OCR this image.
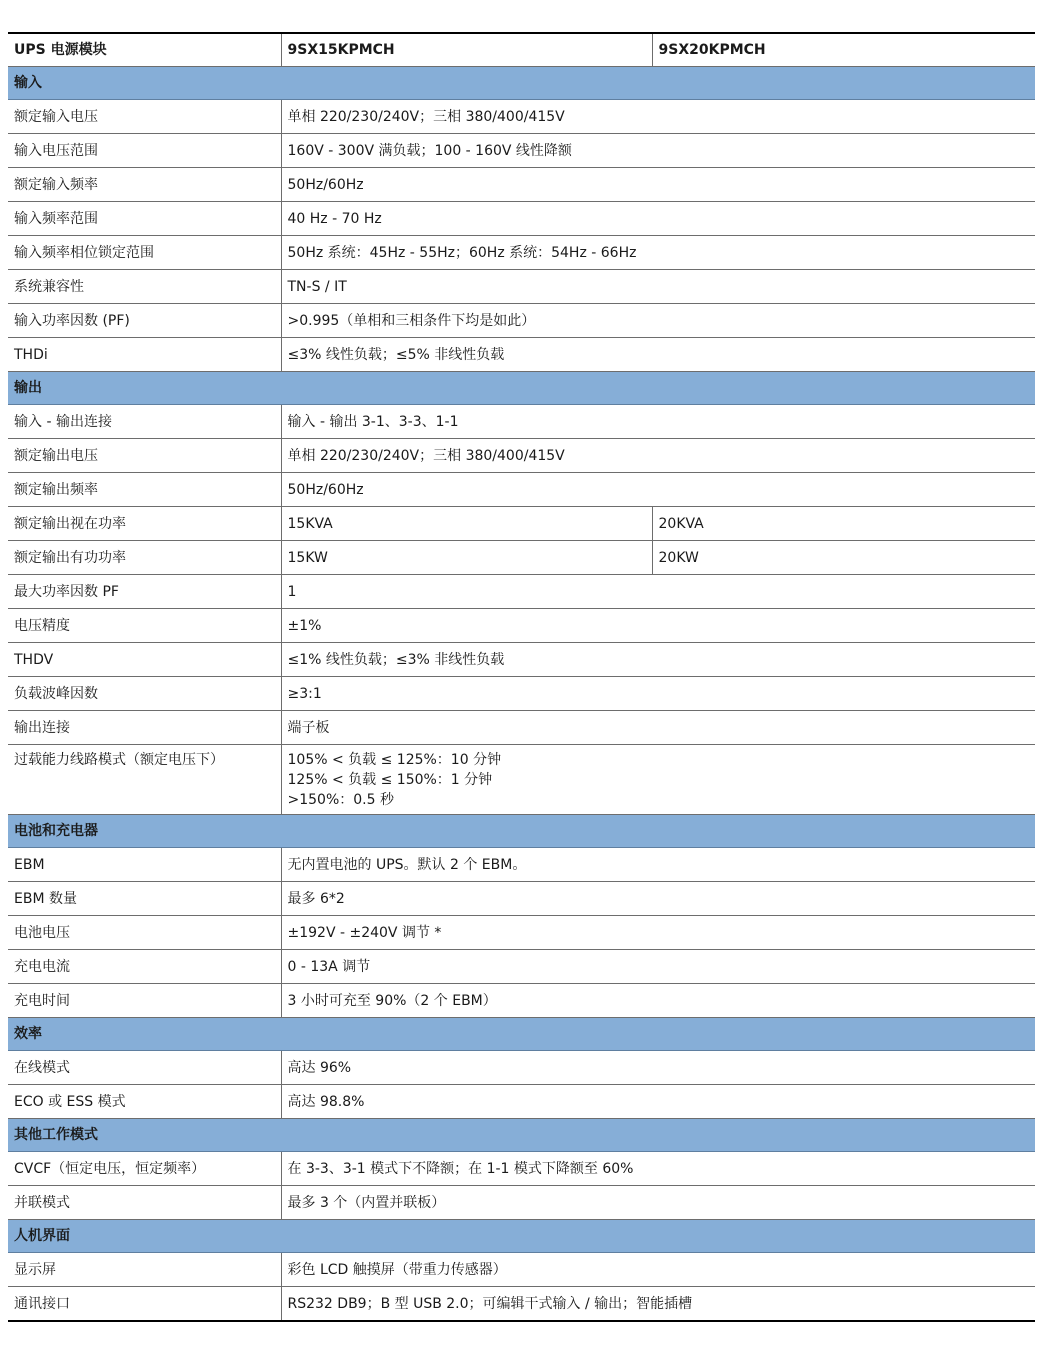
UPS 电源模块	9SX15KPMCH	9SX20KPMCH
输入		
额定输入电压	单相 220/230/240V；三相 380/400/415V	
输入电压范围	160V - 300V 满负载；100 - 160V 线性降额	
额定输入频率	50Hz/60Hz	
输入频率范围	40 Hz - 70 Hz	
输入频率相位锁定范围	50Hz 系统：45Hz - 55Hz；60Hz 系统：54Hz - 66Hz	
系统兼容性	TN-S / IT	
输入功率因数 (PF)	>0.995（单相和三相条件下均是如此）	
THDi	≤3% 线性负载；≤5% 非线性负载	
输出		
输入 - 输出连接	输入 - 输出 3-1、3-3、1-1	
额定输出电压	单相 220/230/240V；三相 380/400/415V	
额定输出频率	50Hz/60Hz	
额定输出视在功率	15KVA	20KVA
额定输出有功功率	15KW	20KW
最大功率因数 PF	1	
电压精度	±1%	
THDV	≤1% 线性负载；≤3% 非线性负载	
负载波峰因数	≥3:1	
输出连接	端子板	
过载能力线路模式（额定电压下）	105% < 负载 ≤ 125%：10 分钟
125% < 负载 ≤ 150%：1 分钟
>150%：0.5 秒	

电池和充电器		
EBM	无内置电池的 UPS。默认 2 个 EBM。	
EBM 数量	最多 6*2	
电池电压	±192V - ±240V 调节 *	
充电电流	0 - 13A 调节	
充电时间	3 小时可充至 90%（2 个 EBM）	
效率		
在线模式	高达 96%	
ECO 或 ESS 模式	高达 98.8%	
其他工作模式		
CVCF（恒定电压，恒定频率）	在 3-3、3-1 模式下不降额；在 1-1 模式下降额至 60%	
并联模式	最多 3 个（内置并联板）	
人机界面		
显示屏	彩色 LCD 触摸屏（带重力传感器）	
通讯接口	RS232 DB9；B 型 USB 2.0；可编辑干式输入 / 输出；智能插槽	
